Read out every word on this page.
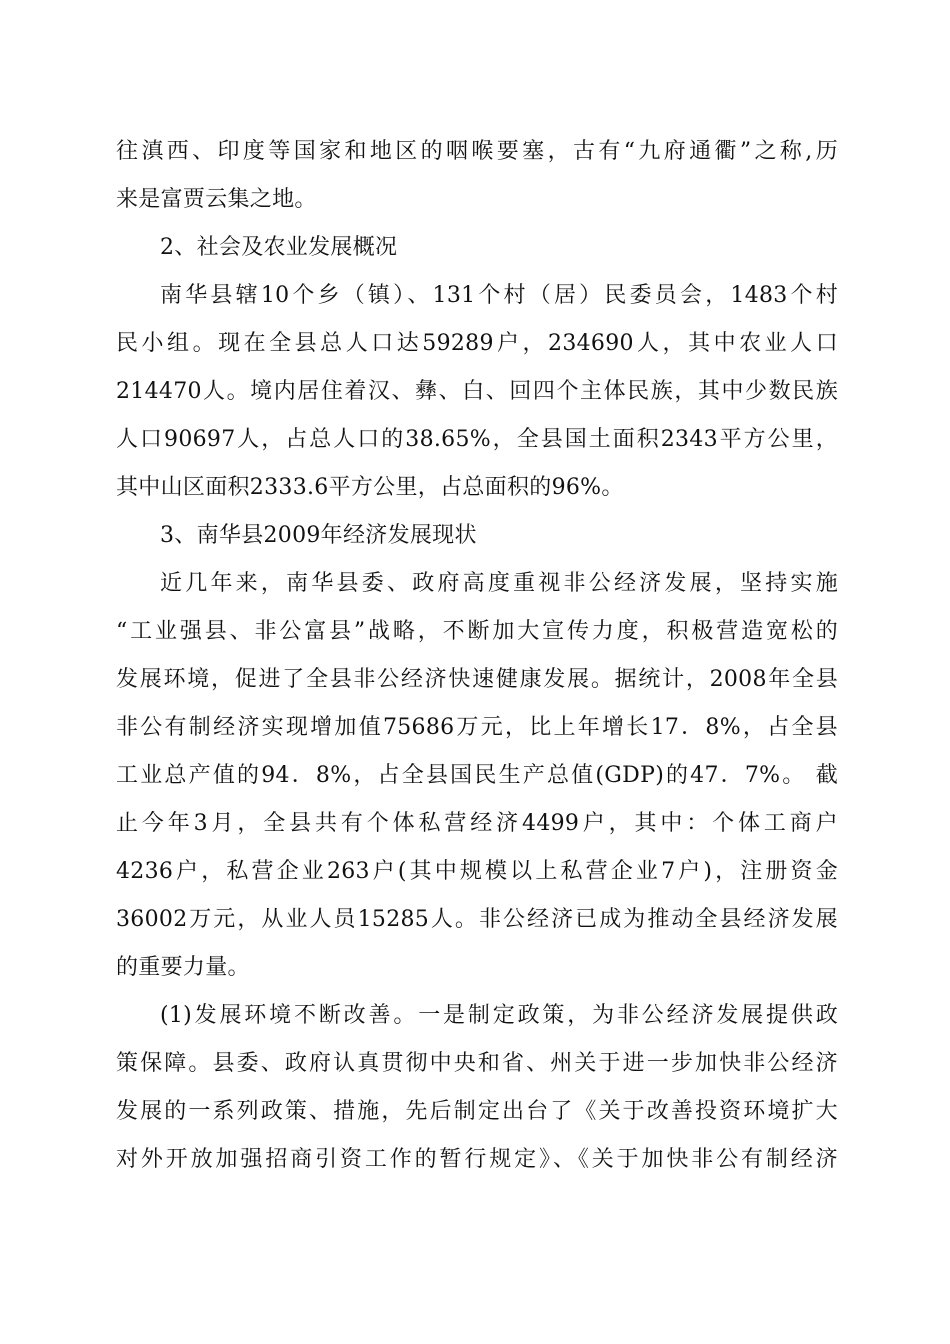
往滇西、印度等国家和地区的咽喉要塞，古有“九府通衢”之称,历
来是富贾云集之地。
2、社会及农业发展概况
南华县辖10个乡（镇）、131个村（居）民委员会，1483个村
民小组。现在全县总人口达59289户，234690人，其中农业人口
214470人。境内居住着汉、彝、白、回四个主体民族，其中少数民族
人口90697人，占总人口的38.65%，全县国土面积2343平方公里，
其中山区面积2333.6平方公里，占总面积的96%。
3、南华县2009年经济发展现状
近几年来，南华县委、政府高度重视非公经济发展，坚持实施
“工业强县、非公富县”战略，不断加大宣传力度，积极营造宽松的
发展环境，促进了全县非公经济快速健康发展。据统计，2008年全县
非公有制经济实现增加值75686万元，比上年增长17．8%，占全县
工业总产值的94．8%，占全县国民生产总值(GDP)的47．7%。 截
止今年3月，全县共有个体私营经济4499户，其中：个体工商户
4236户，私营企业263户(其中规模以上私营企业7户)，注册资金
36002万元，从业人员15285人。非公经济已成为推动全县经济发展
的重要力量。
(1)发展环境不断改善。一是制定政策，为非公经济发展提供政
策保障。县委、政府认真贯彻中央和省、州关于进一步加快非公经济
发展的一系列政策、措施，先后制定出台了《关于改善投资环境扩大
对外开放加强招商引资工作的暂行规定》、《关于加快非公有制经济
